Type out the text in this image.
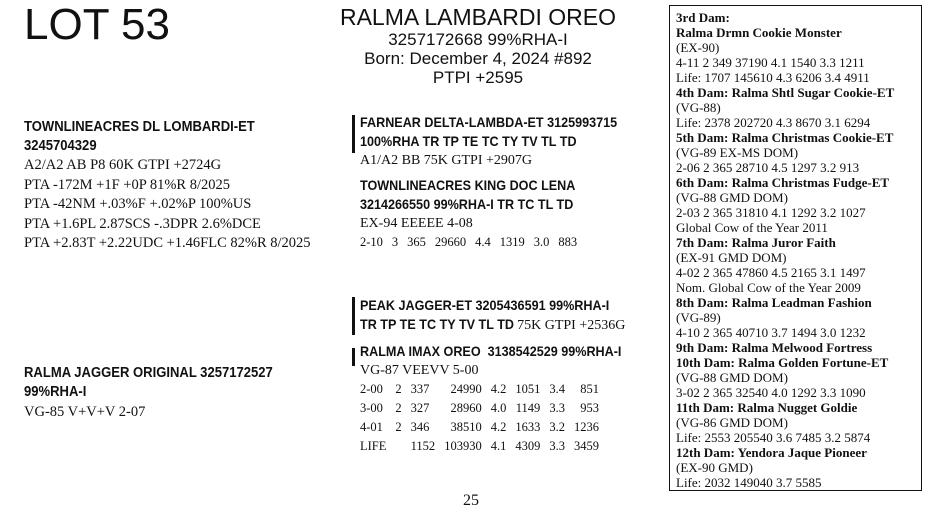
LOT 53	RALMA LAMBARDI OREO
3257172668 99%RHA-I
Born: December 4, 2024 #892
PTPI +2595
TOWNLINEACRES DL LOMBARDI-ET
3245704329
A2/A2 AB P8 60K GTPI +2724G
PTA -172M +1F +0P 81%R 8/2025
PTA -42NM +.03%F +.02%P 100%US
PTA +1.6PL 2.87SCS -.3DPR 2.6%DCE
PTA +2.83T +2.22UDC +1.46FLC 82%R 8/2025
RALMA JAGGER ORIGINAL 3257172527
99%RHA-I
VG-85 V+V+V 2-07
FARNEAR DELTA-LAMBDA-ET 3125993715
100%RHA TR TP TE TC TY TV TL TD
A1/A2 BB 75K GTPI +2907G
TOWNLINEACRES KING DOC LENA
3214266550 99%RHA-I TR TC TL TD
EX-94 EEEEE 4-08
2-10	3	365	29660	4.4	1319	3.0	883
PEAK JAGGER-ET 3205436591 99%RHA-I
TR TP TE TC TY TV TL TD 75K GTPI +2536G
RALMA IMAX OREO 3138542529 99%RHA-I
VG-87 VEEVV 5-00
2-00	2	337	24990	4.2	1051	3.4	851
3-00	2	327	28960	4.0	1149	3.3	953
4-01	2	346	38510	4.2	1633	3.2	1236
LIFE		1152	103930	4.1	4309	3.3	3459
25
3rd Dam:
Ralma Drmn Cookie Monster
(EX-90)
4-11 2 349 37190 4.1 1540 3.3 1211
Life: 1707 145610 4.3 6206 3.4 4911
4th Dam: Ralma Shtl Sugar Cookie-ET
(VG-88)
Life: 2378 202720 4.3 8670 3.1 6294
5th Dam: Ralma Christmas Cookie-ET
(VG-89 EX-MS DOM)
2-06 2 365 28710 4.5 1297 3.2 913
6th Dam: Ralma Christmas Fudge-ET
(VG-88 GMD DOM)
2-03 2 365 31810 4.1 1292 3.2 1027
Global Cow of the Year 2011
7th Dam: Ralma Juror Faith
(EX-91 GMD DOM)
4-02 2 365 47860 4.5 2165 3.1 1497
Nom. Global Cow of the Year 2009
8th Dam: Ralma Leadman Fashion
(VG-89)
4-10 2 365 40710 3.7 1494 3.0 1232
9th Dam: Ralma Melwood Fortress
10th Dam: Ralma Golden Fortune-ET
(VG-88 GMD DOM)
3-02 2 365 32540 4.0 1292 3.3 1090
11th Dam: Ralma Nugget Goldie
(VG-86 GMD DOM)
Life: 2553 205540 3.6 7485 3.2 5874
12th Dam: Yendora Jaque Pioneer
(EX-90 GMD)
Life: 2032 149040 3.7 5585
